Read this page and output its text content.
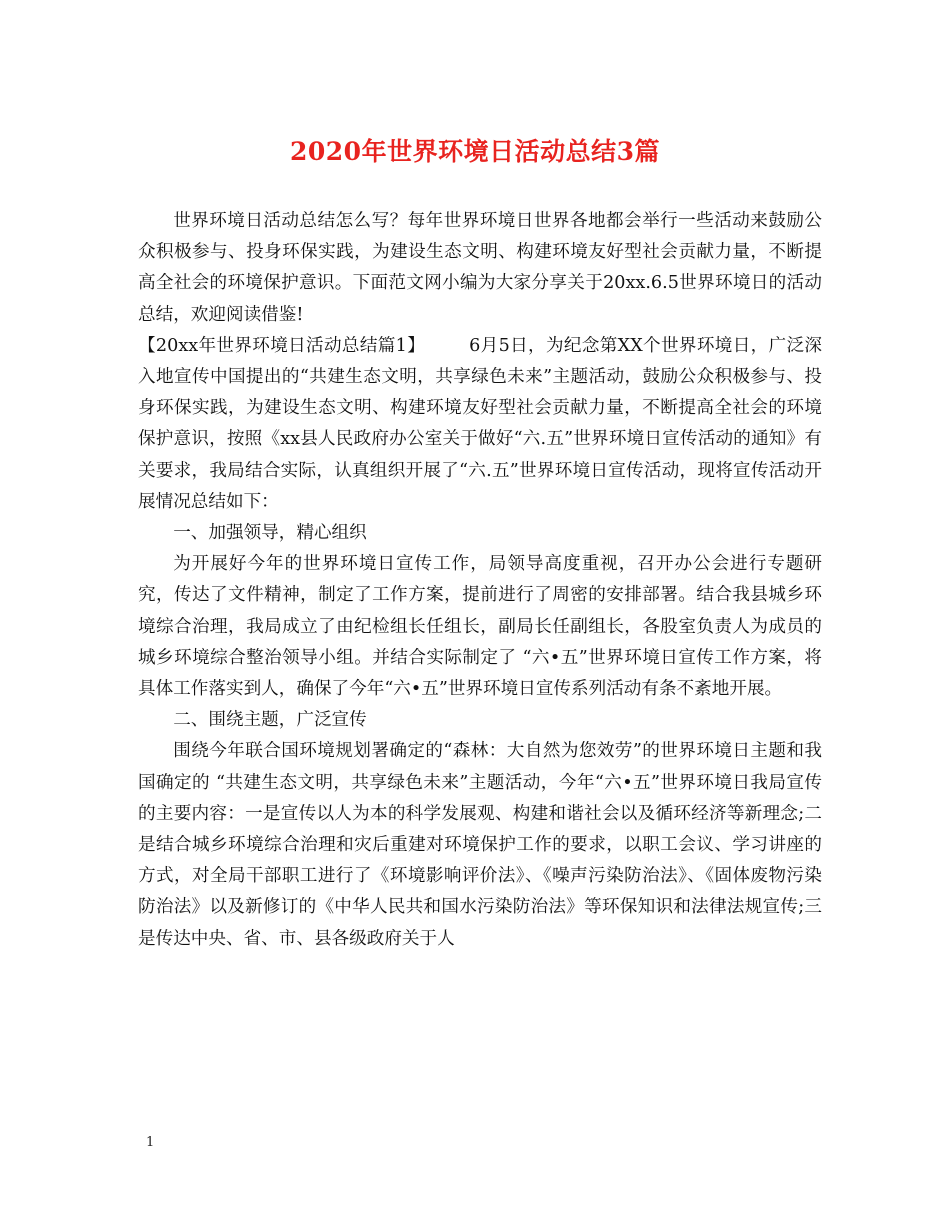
2020年世界环境日活动总结3篇

世界环境日活动总结怎么写？每年世界环境日世界各地都会举行一些活动来鼓励公众积极参与、投身环保实践，为建设生态文明、构建环境友好型社会贡献力量，不断提高全社会的环境保护意识。下面范文网小编为大家分享关于20xx.6.5世界环境日的活动总结，欢迎阅读借鉴!

【20xx年世界环境日活动总结篇1】	6月5日，为纪念第XX个世界环境日，广泛深入地宣传中国提出的“共建生态文明，共享绿色未来”主题活动，鼓励公众积极参与、投身环保实践，为建设生态文明、构建环境友好型社会贡献力量，不断提高全社会的环境保护意识，按照《xx县人民政府办公室关于做好“六.五”世界环境日宣传活动的通知》有关要求，我局结合实际，认真组织开展了“六.五”世界环境日宣传活动，现将宣传活动开展情况总结如下：

一、加强领导，精心组织

为开展好今年的世界环境日宣传工作，局领导高度重视，召开办公会进行专题研究，传达了文件精神，制定了工作方案，提前进行了周密的安排部署。结合我县城乡环境综合治理，我局成立了由纪检组长任组长，副局长任副组长，各股室负责人为成员的城乡环境综合整治领导小组。并结合实际制定了 “六•五”世界环境日宣传工作方案，将具体工作落实到人，确保了今年“六•五”世界环境日宣传系列活动有条不紊地开展。

二、围绕主题，广泛宣传

围绕今年联合国环境规划署确定的“森林：大自然为您效劳”的世界环境日主题和我国确定的 “共建生态文明，共享绿色未来”主题活动，今年“六•五”世界环境日我局宣传的主要内容：一是宣传以人为本的科学发展观、构建和谐社会以及循环经济等新理念;二是结合城乡环境综合治理和灾后重建对环境保护工作的要求，以职工会议、学习讲座的方式，对全局干部职工进行了《环境影响评价法》、《噪声污染防治法》、《固体废物污染防治法》以及新修订的《中华人民共和国水污染防治法》等环保知识和法律法规宣传;三是传达中央、省、市、县各级政府关于人

1
